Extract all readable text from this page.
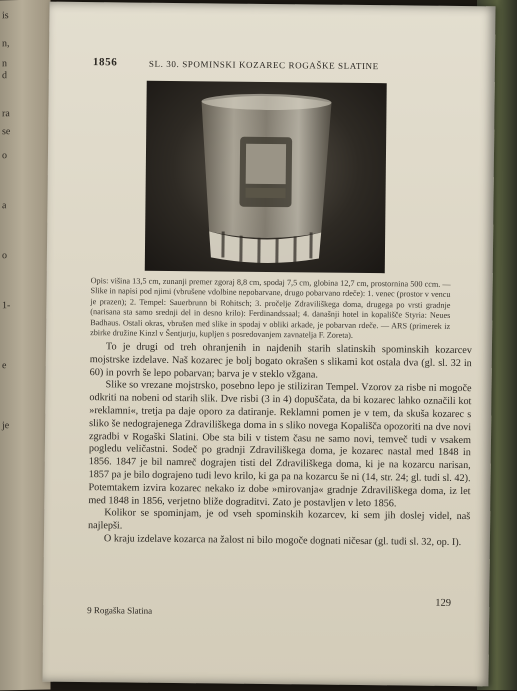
is
n,
n
d
ra
se
o
a
o
1-
e
je
1856	SL. 30. SPOMINSKI KOZAREC ROGAŠKE SLATINE

Opis: višina 13,5 cm, zunanji premer zgoraj 8,8 cm, spodaj 7,5 cm, globina 12,7 cm, prostornina 500 ccm. — Slike in napisi pod njimi (vbrušene vdolbine nepobarvane, drugo pobarvano rdeče): 1. venec (prostor v vencu je prazen); 2. Tempel: Sauerbrunn bi Rohitsch; 3. pročelje Zdraviliškega doma, drugega po vrsti gradnje (narisana sta samo srednji del in desno krilo): Ferdinandssaal; 4. današnji hotel in kopališče Styria: Neues Badhaus. Ostali okras, vbrušen med slike in spodaj v obliki arkade, je pobarvan rdeče. — ARS (primerek iz zbirke družine Kinzl v Šentjurju, kupljen s posredovanjem zavnatelja F. Zoreta).

To je drugi od treh ohranjenih in najdenih starih slatinskih spominskih kozarcev mojstrske izdelave. Naš kozarec je bolj bogato okrašen s slikami kot ostala dva (gl. sl. 32 in 60) in povrh še lepo pobarvan; barva je v steklo vžgana.

Slike so vrezane mojstrsko, posebno lepo je stiliziran Tempel. Vzorov za risbe ni mogoče odkriti na nobeni od starih slik. Dve risbi (3 in 4) dopuščata, da bi kozarec lahko označili kot »reklamni«, tretja pa daje oporo za datiranje. Reklamni pomen je v tem, da skuša kozarec s sliko še nedograjenega Zdraviliškega doma in s sliko novega Kopališča opozoriti na dve novi zgradbi v Rogaški Slatini. Obe sta bili v tistem času ne samo novi, temveč tudi v vsakem pogledu veličastni. Sodeč po gradnji Zdraviliškega doma, je kozarec nastal med 1848 in 1856. 1847 je bil namreč dograjen tisti del Zdraviliškega doma, ki je na kozarcu narisan, 1857 pa je bilo dograjeno tudi levo krilo, ki ga pa na kozarcu še ni (14, str. 24; gl. tudi sl. 42). Potemtakem izvira kozarec nekako iz dobe »mirovanja« gradnje Zdraviliškega doma, iz let med 1848 in 1856, verjetno bliže dograditvi. Zato je postavljen v leto 1856.

Kolikor se spominjam, je od vseh spominskih kozarcev, ki sem jih doslej videl, naš najlepši.

O kraju izdelave kozarca na žalost ni bilo mogoče dognati ničesar (gl. tudi sl. 32, op. I).

129
9 Rogaška Slatina
